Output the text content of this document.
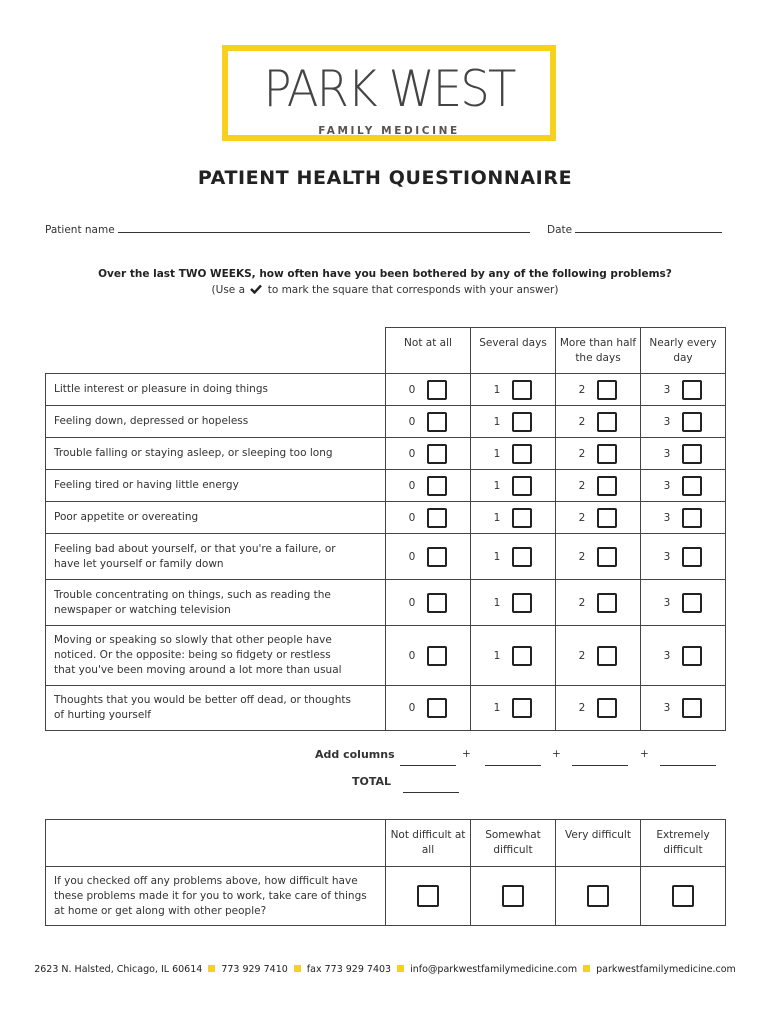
PARK WEST
FAMILY MEDICINE
PATIENT HEALTH QUESTIONNAIRE
Patient name	Date
Over the last TWO WEEKS, how often have you been bothered by any of the following problems?
(Use a to mark the square that corresponds with your answer)
	Not at all	Several days	More than half the days	Nearly every day
Little interest or pleasure in doing things	0	1	2	3

Feeling down, depressed or hopeless	0	1	2	3

Trouble falling or staying asleep, or sleeping too long	0	1	2	3

Feeling tired or having little energy	0	1	2	3

Poor appetite or overeating	0	1	2	3

Feeling bad about yourself, or that you're a failure, or have let yourself or family down	0	1	2	3

Trouble concentrating on things, such as reading the newspaper or watching television	0	1	2	3

Moving or speaking so slowly that other people have noticed. Or the opposite: being so fidgety or restless that you've been moving around a lot more than usual	0	1	2	3

Thoughts that you would be better off dead, or thoughts of hurting yourself	0	1	2	3
Add columns	+	+	+
TOTAL
	Not difficult at all	Somewhat difficult	Very difficult	Extremely difficult
If you checked off any problems above, how difficult have these problems made it for you to work, take care of things at home or get along with other people?	

2623 N. Halsted, Chicago, IL 60614 773 929 7410 fax 773 929 7403 info@parkwestfamilymedicine.com parkwestfamilymedicine.com
